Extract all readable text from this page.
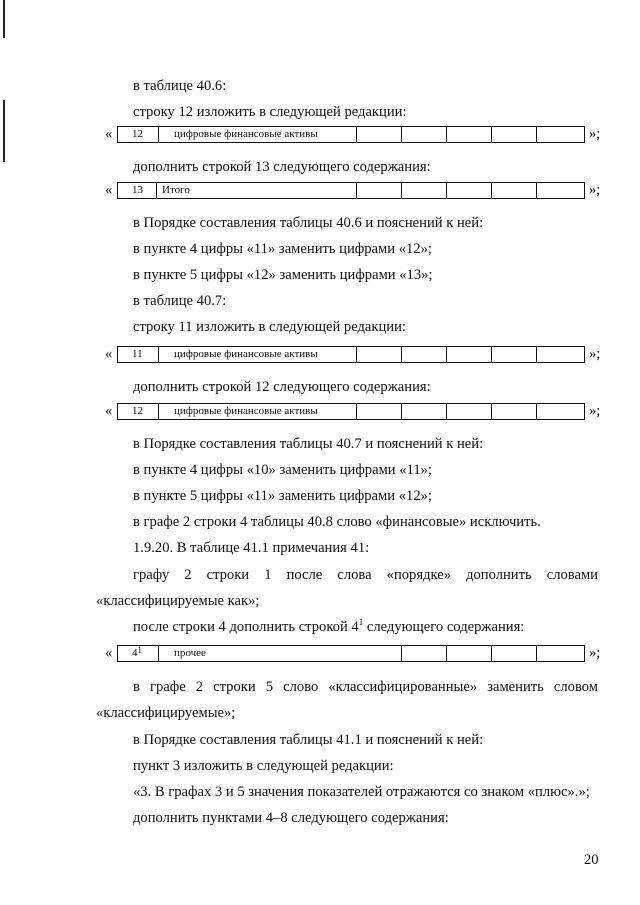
в таблице 40.6:
строку 12 изложить в следующей редакции:
« 12	цифровые финансовые активы	»;
дополнить строкой 13 следующего содержания:
« 13 Итого	»;
в Порядке составления таблицы 40.6 и пояснений к ней:
в пункте 4 цифры «11» заменить цифрами «12»;
в пункте 5 цифры «12» заменить цифрами «13»;
в таблице 40.7:
строку 11 изложить в следующей редакции:
« 11	цифровые финансовые активы	»;
дополнить строкой 12 следующего содержания:
« 12	цифровые финансовые активы	»;
в Порядке составления таблицы 40.7 и пояснений к ней:
в пункте 4 цифры «10» заменить цифрами «11»;
в пункте 5 цифры «11» заменить цифрами «12»;
в графе 2 строки 4 таблицы 40.8 слово «финансовые» исключить.
1.9.20. В таблице 41.1 примечания 41:
графу 2 строки 1 после слова «порядке» дополнить словами
«классифицируемые как»;
после строки 4 дополнить строкой $4^1$ следующего содержания:
« $4^1$	прочее	»;
в графе 2 строки 5 слово «классифицированные» заменить словом
«классифицируемые»;
в Порядке составления таблицы 41.1 и пояснений к ней:
пункт 3 изложить в следующей редакции:
«3. В графах 3 и 5 значения показателей отражаются со знаком «плюс».»;
дополнить пунктами 4–8 следующего содержания:
20
